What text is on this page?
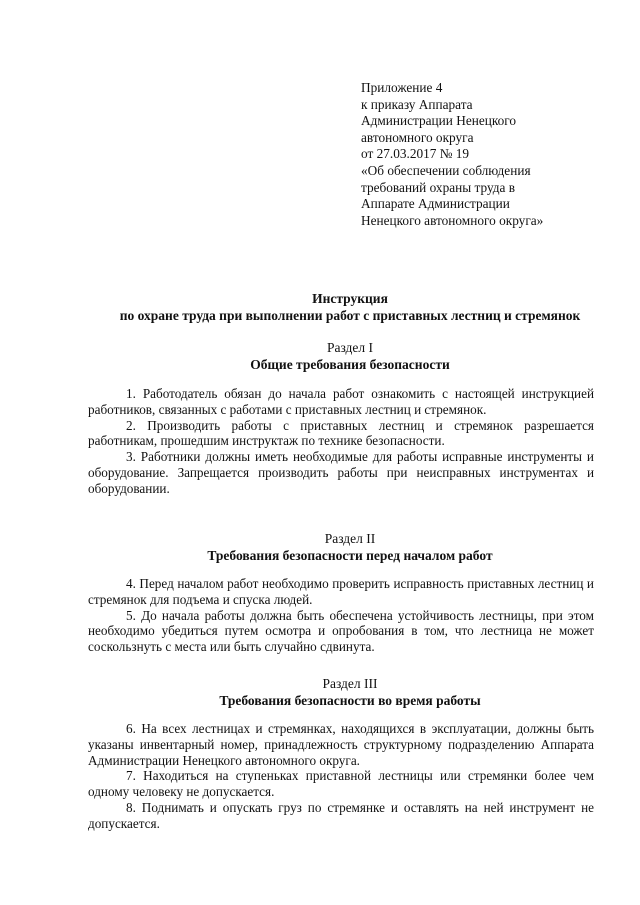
Приложение 4
к приказу Аппарата
Администрации Ненецкого
автономного округа
от 27.03.2017 № 19
«Об обеспечении соблюдения
требований охраны труда в
Аппарате Администрации
Ненецкого автономного округа»
Инструкция
по охране труда при выполнении работ с приставных лестниц и стремянок
Раздел I
Общие требования безопасности

1. Работодатель обязан до начала работ ознакомить с настоящей инструкцией работников, связанных с работами с приставных лестниц и стремянок.

2. Производить работы с приставных лестниц и стремянок разрешается работникам, прошедшим инструктаж по технике безопасности.

3. Работники должны иметь необходимые для работы исправные инструменты и оборудование. Запрещается производить работы при неисправных инструментах и оборудовании.

Раздел II
Требования безопасности перед началом работ

4. Перед началом работ необходимо проверить исправность приставных лестниц и стремянок для подъема и спуска людей.

5. До начала работы должна быть обеспечена устойчивость лестницы, при этом необходимо убедиться путем осмотра и опробования в том, что лестница не может соскользнуть с места или быть случайно сдвинута.

Раздел III
Требования безопасности во время работы

6. На всех лестницах и стремянках, находящихся в эксплуатации, должны быть указаны инвентарный номер, принадлежность структурному подразделению Аппарата Администрации Ненецкого автономного округа.

7. Находиться на ступеньках приставной лестницы или стремянки более чем одному человеку не допускается.

8. Поднимать и опускать груз по стремянке и оставлять на ней инструмент не допускается.
